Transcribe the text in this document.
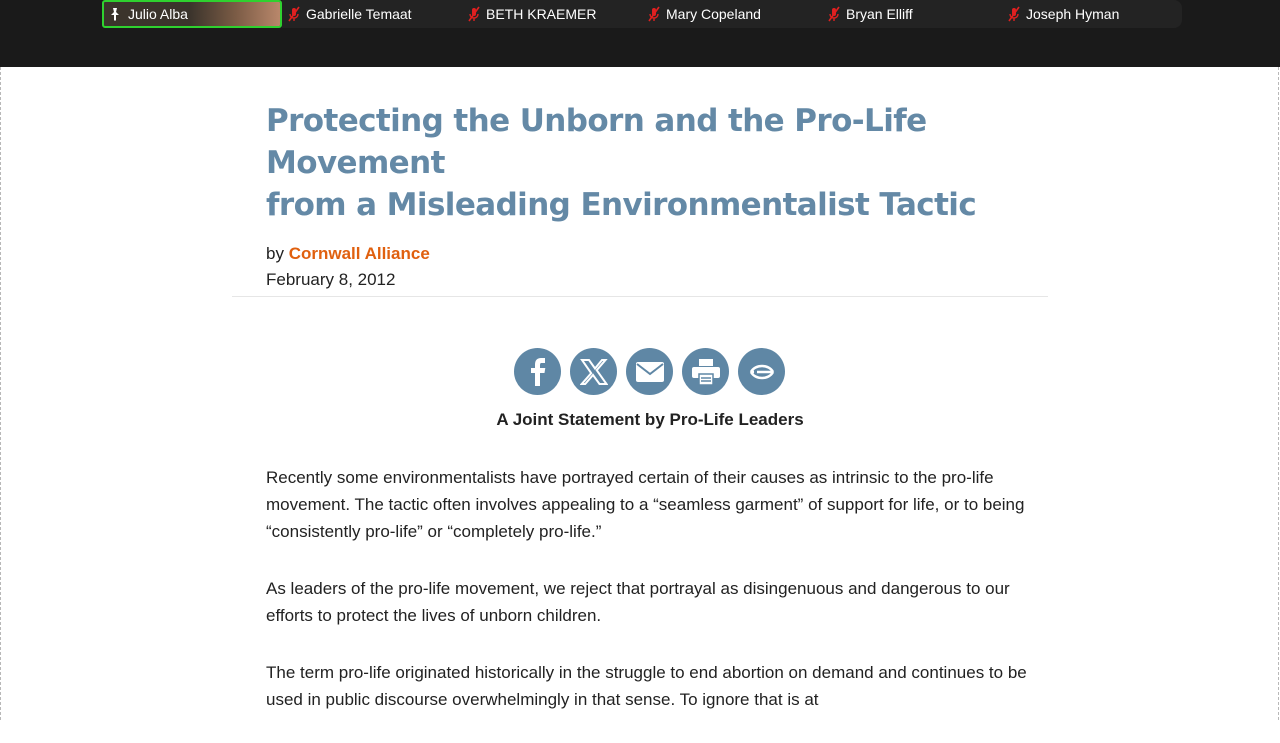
Julio Alba	Gabrielle Temaat	BETH KRAEMER	Mary Copeland	Bryan Elliff	Joseph Hyman
Protecting the Unborn and the Pro-Life Movement
from a Misleading Environmentalist Tactic
by Cornwall Alliance
February 8, 2012
A Joint Statement by Pro-Life Leaders

Recently some environmentalists have portrayed certain of their causes as intrinsic to the pro-life movement. The tactic often involves appealing to a “seamless garment” of support for life, or to being “consistently pro-life” or “completely pro-life.”

As leaders of the pro-life movement, we reject that portrayal as disingenuous and dangerous to our efforts to protect the lives of unborn children.

The term pro-life originated historically in the struggle to end abortion on demand and continues to be used in public discourse overwhelmingly in that sense. To ignore that is at
